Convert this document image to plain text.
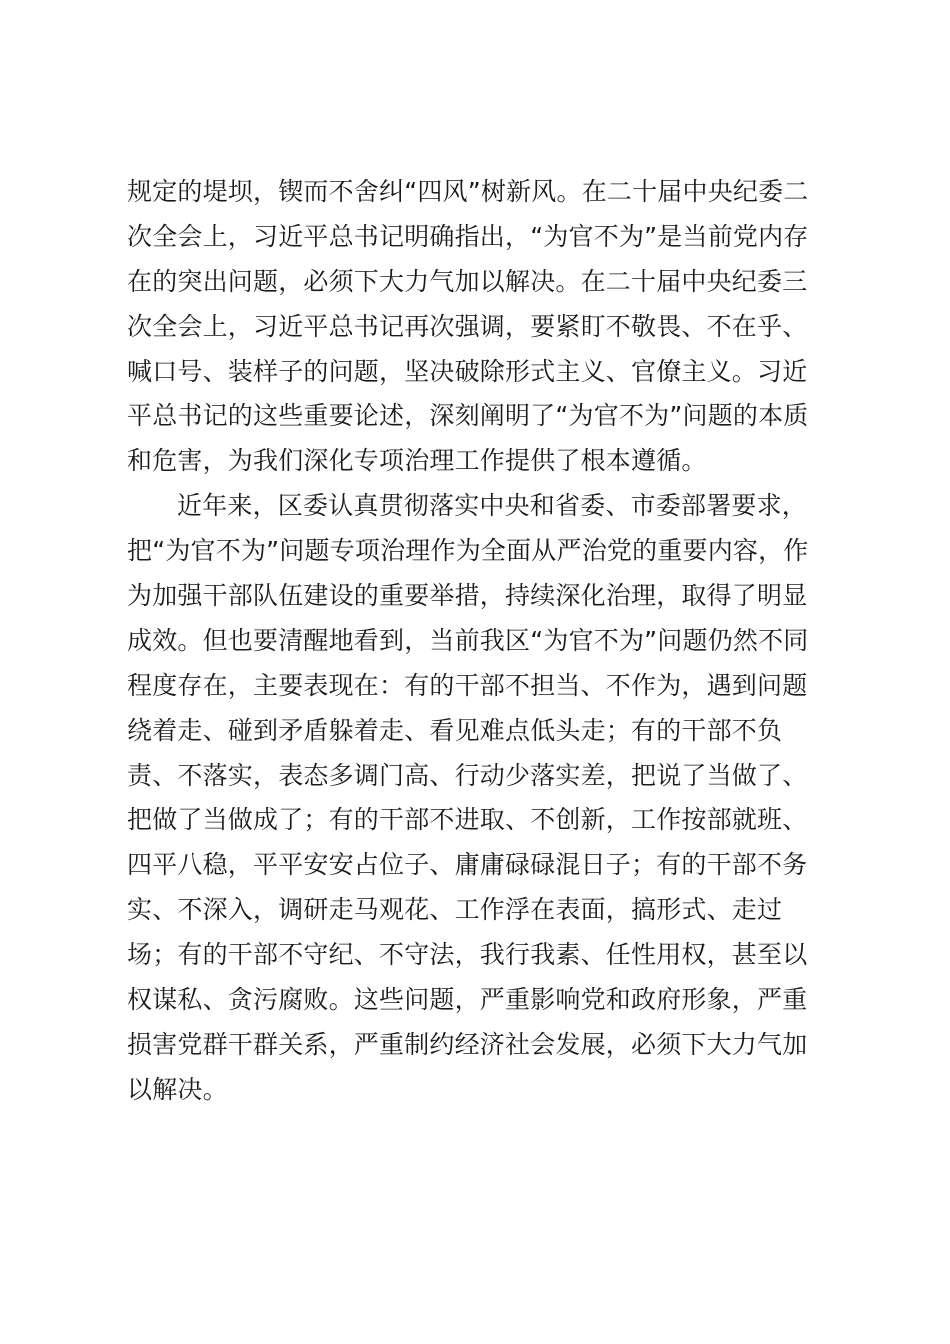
规定的堤坝，锲而不舍纠“四风”树新风。在二十届中央纪委二
次全会上，习近平总书记明确指出，“为官不为”是当前党内存
在的突出问题，必须下大力气加以解决。在二十届中央纪委三
次全会上，习近平总书记再次强调，要紧盯不敬畏、不在乎、
喊口号、装样子的问题，坚决破除形式主义、官僚主义。习近
平总书记的这些重要论述，深刻阐明了“为官不为”问题的本质
和危害，为我们深化专项治理工作提供了根本遵循。
近年来，区委认真贯彻落实中央和省委、市委部署要求，
把“为官不为”问题专项治理作为全面从严治党的重要内容，作
为加强干部队伍建设的重要举措，持续深化治理，取得了明显
成效。但也要清醒地看到，当前我区“为官不为”问题仍然不同
程度存在，主要表现在：有的干部不担当、不作为，遇到问题
绕着走、碰到矛盾躲着走、看见难点低头走；有的干部不负
责、不落实，表态多调门高、行动少落实差，把说了当做了、
把做了当做成了；有的干部不进取、不创新，工作按部就班、
四平八稳，平平安安占位子、庸庸碌碌混日子；有的干部不务
实、不深入，调研走马观花、工作浮在表面，搞形式、走过
场；有的干部不守纪、不守法，我行我素、任性用权，甚至以
权谋私、贪污腐败。这些问题，严重影响党和政府形象，严重
损害党群干群关系，严重制约经济社会发展，必须下大力气加
以解决。
